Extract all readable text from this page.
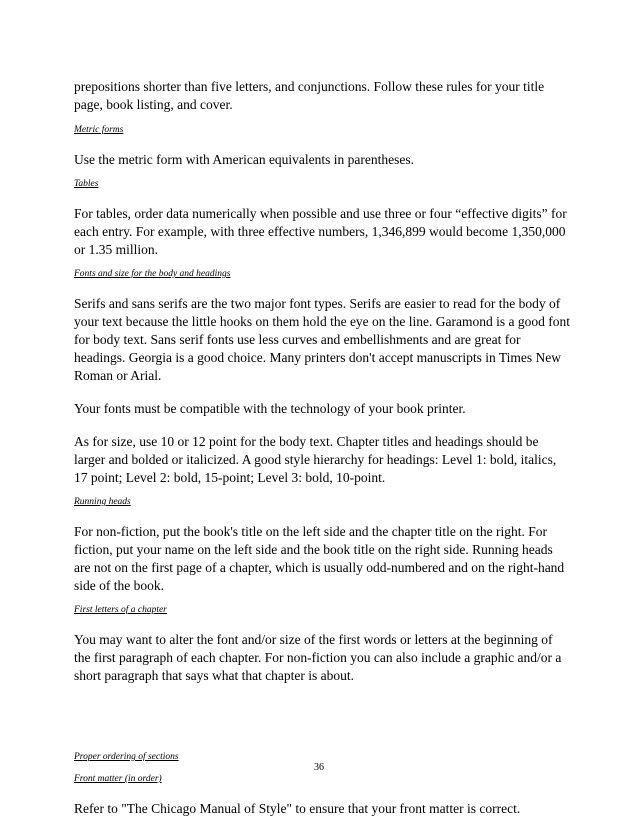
prepositions shorter than five letters, and conjunctions. Follow these rules for your title page, book listing, and cover.

Metric forms

Use the metric form with American equivalents in parentheses.

Tables

For tables, order data numerically when possible and use three or four “effective digits” for each entry. For example, with three effective numbers, 1,346,899 would become 1,350,000 or 1.35 million.

Fonts and size for the body and headings

Serifs and sans serifs are the two major font types. Serifs are easier to read for the body of your text because the little hooks on them hold the eye on the line. Garamond is a good font for body text. Sans serif fonts use less curves and embellishments and are great for headings. Georgia is a good choice. Many printers don't accept manuscripts in Times New Roman or Arial.

Your fonts must be compatible with the technology of your book printer.

As for size, use 10 or 12 point for the body text. Chapter titles and headings should be larger and bolded or italicized. A good style hierarchy for headings: Level 1: bold, italics, 17 point; Level 2: bold, 15-point; Level 3: bold, 10-point.

Running heads

For non-fiction, put the book's title on the left side and the chapter title on the right. For fiction, put your name on the left side and the book title on the right side. Running heads are not on the first page of a chapter, which is usually odd-numbered and on the right-hand side of the book.

First letters of a chapter

You may want to alter the font and/or size of the first words or letters at the beginning of the first paragraph of each chapter. For non-fiction you can also include a graphic and/or a short paragraph that says what that chapter is about.

Proper ordering of sections

Front matter (in order)

Refer to "The Chicago Manual of Style" to ensure that your front matter is correct.

36
